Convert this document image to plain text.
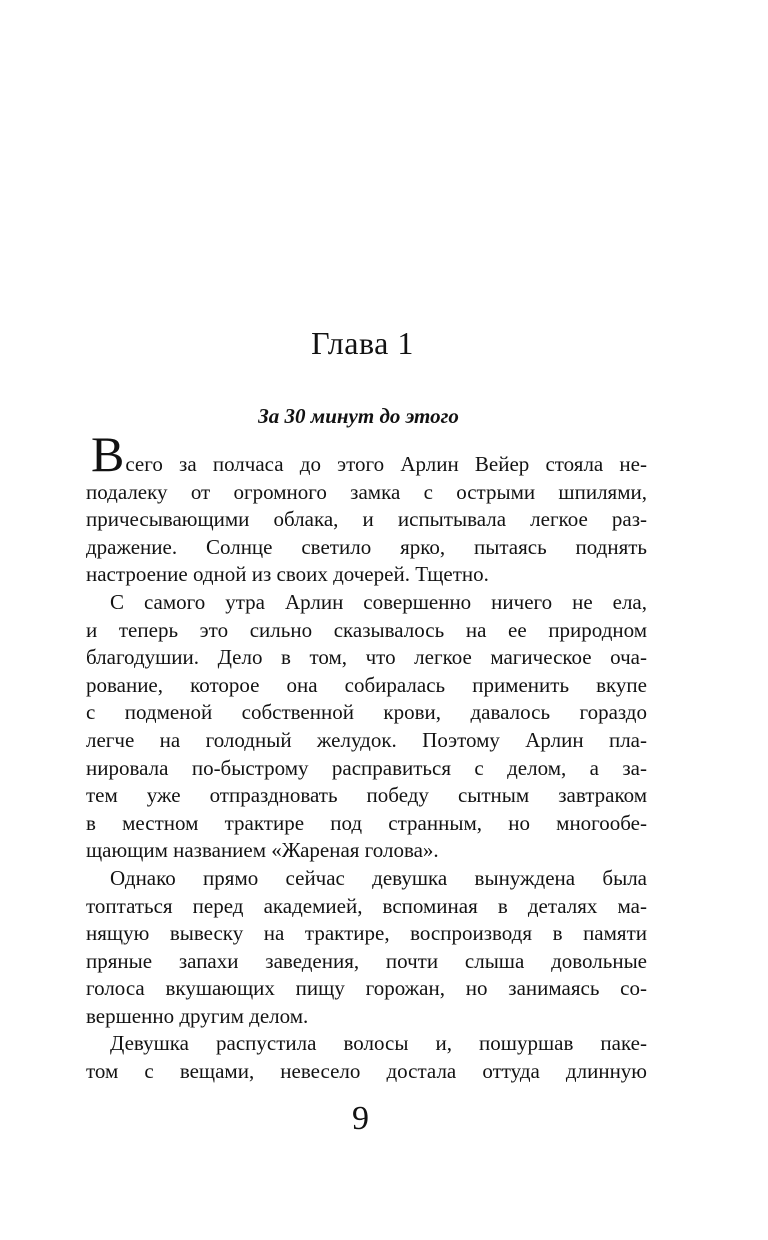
Глава 1
За 30 минут до этого
Всего за полчаса до этого Арлин Вейер стояла не-
подалеку от огромного замка с острыми шпилями,
причесывающими облака, и испытывала легкое раз-
дражение. Солнце светило ярко, пытаясь поднять
настроение одной из своих дочерей. Тщетно.
С самого утра Арлин совершенно ничего не ела,
и теперь это сильно сказывалось на ее природном
благодушии. Дело в том, что легкое магическое оча-
рование, которое она собиралась применить вкупе
с подменой собственной крови, давалось гораздо
легче на голодный желудок. Поэтому Арлин пла-
нировала по-быстрому расправиться с делом, а за-
тем уже отпраздновать победу сытным завтраком
в местном трактире под странным, но многообе-
щающим названием «Жареная голова».
Однако прямо сейчас девушка вынуждена была
топтаться перед академией, вспоминая в деталях ма-
нящую вывеску на трактире, воспроизводя в памяти
пряные запахи заведения, почти слыша довольные
голоса вкушающих пищу горожан, но занимаясь со-
вершенно другим делом.
Девушка распустила волосы и, пошуршав паке-
том с вещами, невесело достала оттуда длинную
9
